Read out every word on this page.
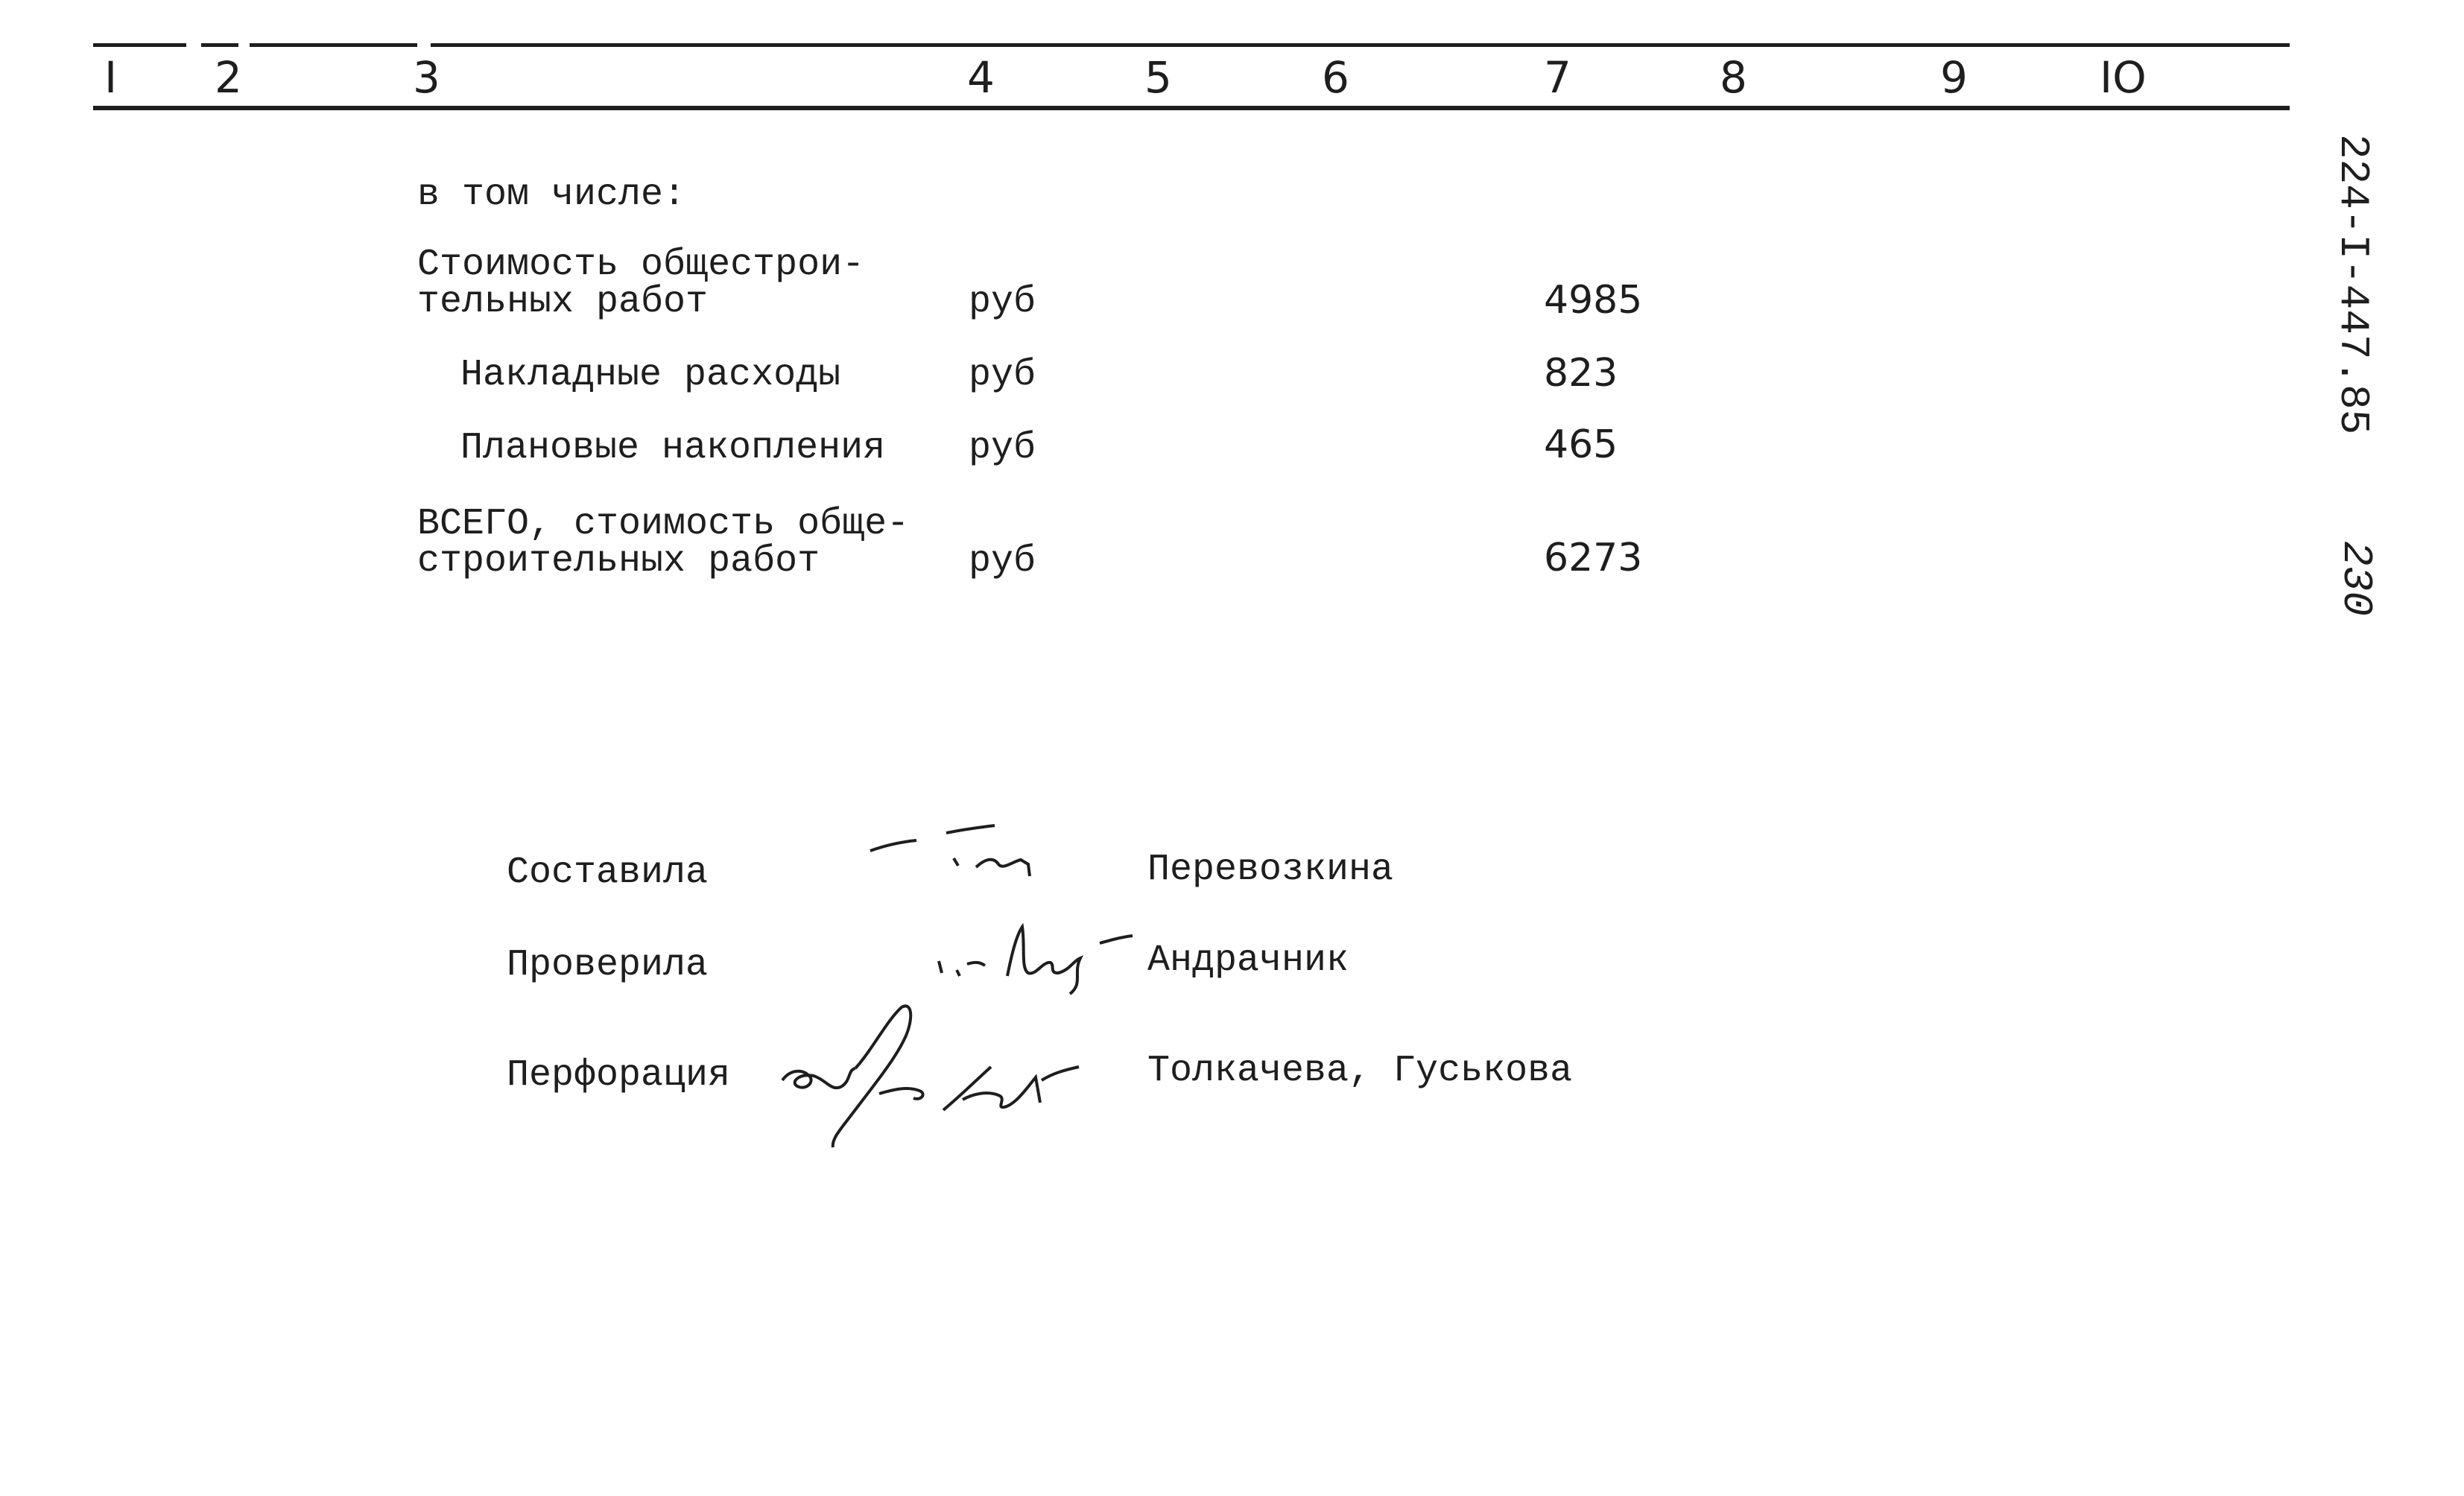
I 2	3	4	5	6	7	8	9	IO
в том числе:
Стоимость общестрои-
тельных работ	руб	4985
Накладные расходы	руб	823
Плановые накопления руб	465
ВСЕГО, стоимость обще-
строительных работ	руб	6273
Составила	Перевозкина
Проверила	Андрачник
Перфорация	Толкачева, Гуськова
224-I-447.85
230
